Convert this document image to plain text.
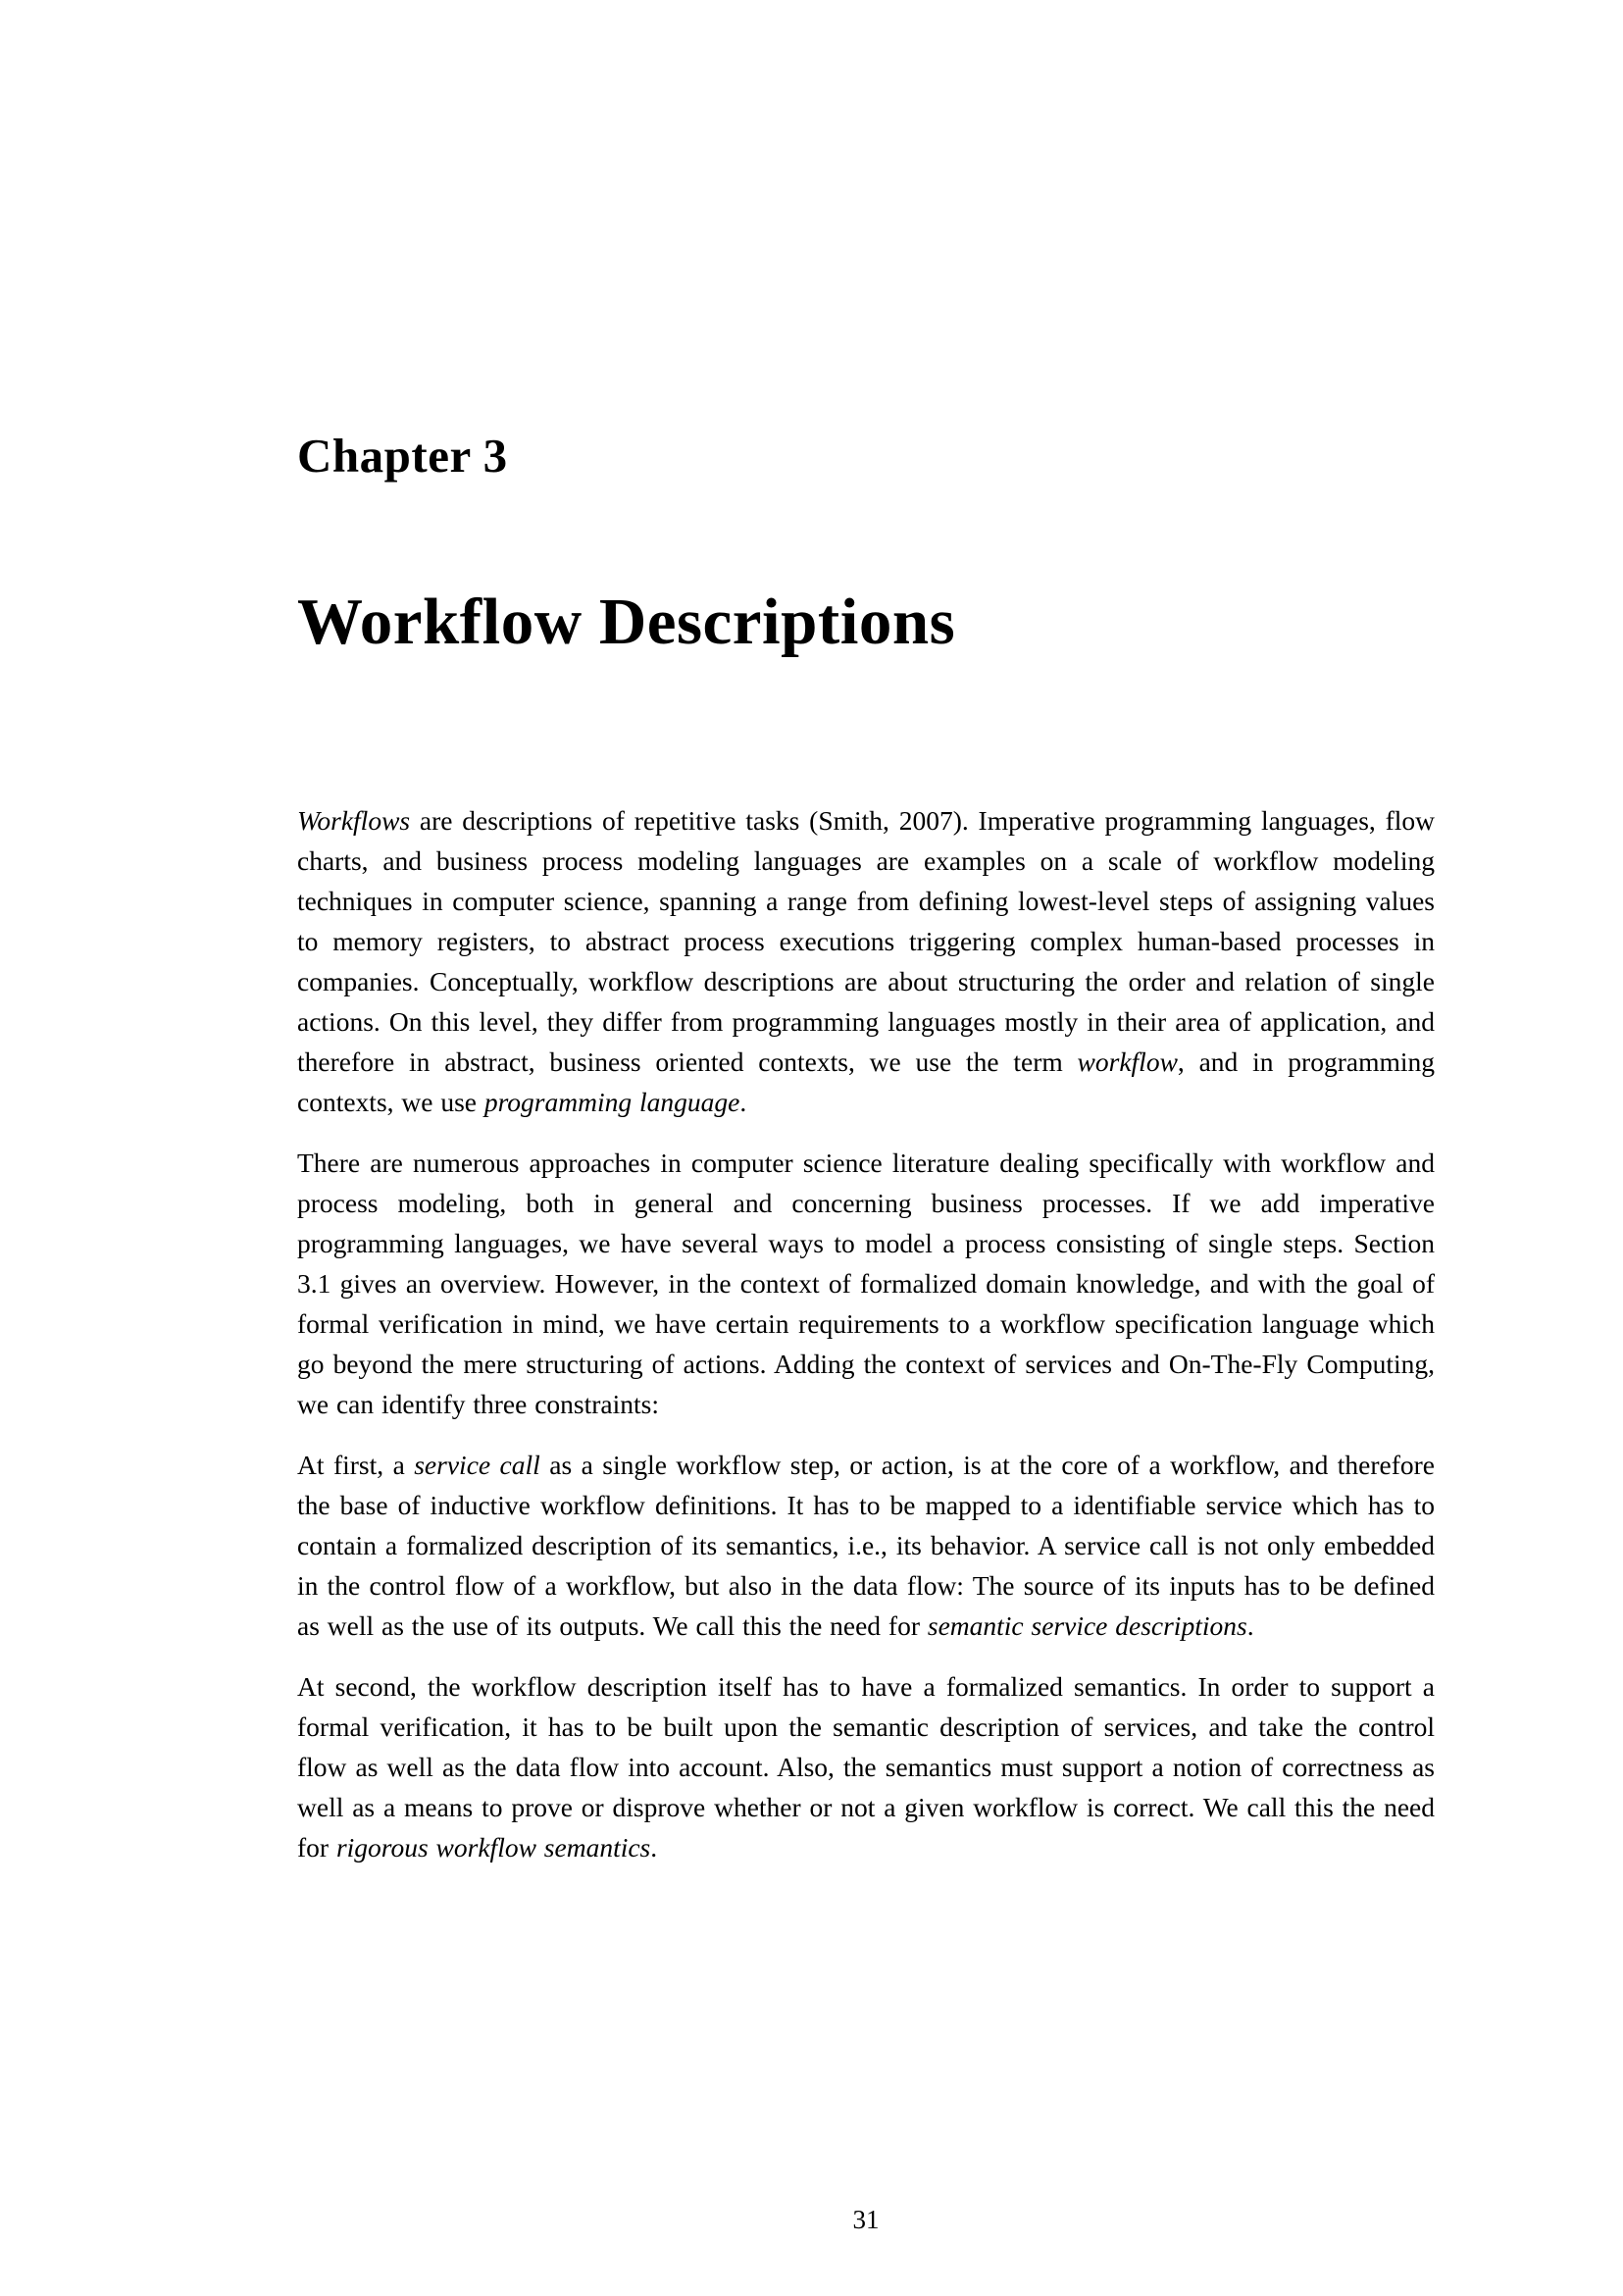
Chapter 3
Workflow Descriptions

Workflows are descriptions of repetitive tasks (Smith, 2007). Imperative programming languages, flow charts, and business process modeling languages are examples on a scale of workflow modeling techniques in computer science, spanning a range from defining lowest-level steps of assigning values to memory registers, to abstract process executions triggering complex human-based processes in companies. Conceptually, workflow descriptions are about structuring the order and relation of single actions. On this level, they differ from programming languages mostly in their area of application, and therefore in abstract, business oriented contexts, we use the term workflow, and in programming contexts, we use programming language.

There are numerous approaches in computer science literature dealing specifically with workflow and process modeling, both in general and concerning business processes. If we add imperative programming languages, we have several ways to model a process consisting of single steps. Section 3.1 gives an overview. However, in the context of formalized domain knowledge, and with the goal of formal verification in mind, we have certain requirements to a workflow specification language which go beyond the mere structuring of actions. Adding the context of services and On-The-Fly Computing, we can identify three constraints:

At first, a service call as a single workflow step, or action, is at the core of a workflow, and therefore the base of inductive workflow definitions. It has to be mapped to a identifiable service which has to contain a formalized description of its semantics, i.e., its behavior. A service call is not only embedded in the control flow of a workflow, but also in the data flow: The source of its inputs has to be defined as well as the use of its outputs. We call this the need for semantic service descriptions.

At second, the workflow description itself has to have a formalized semantics. In order to support a formal verification, it has to be built upon the semantic description of services, and take the control flow as well as the data flow into account. Also, the semantics must support a notion of correctness as well as a means to prove or disprove whether or not a given workflow is correct. We call this the need for rigorous workflow semantics.

31
